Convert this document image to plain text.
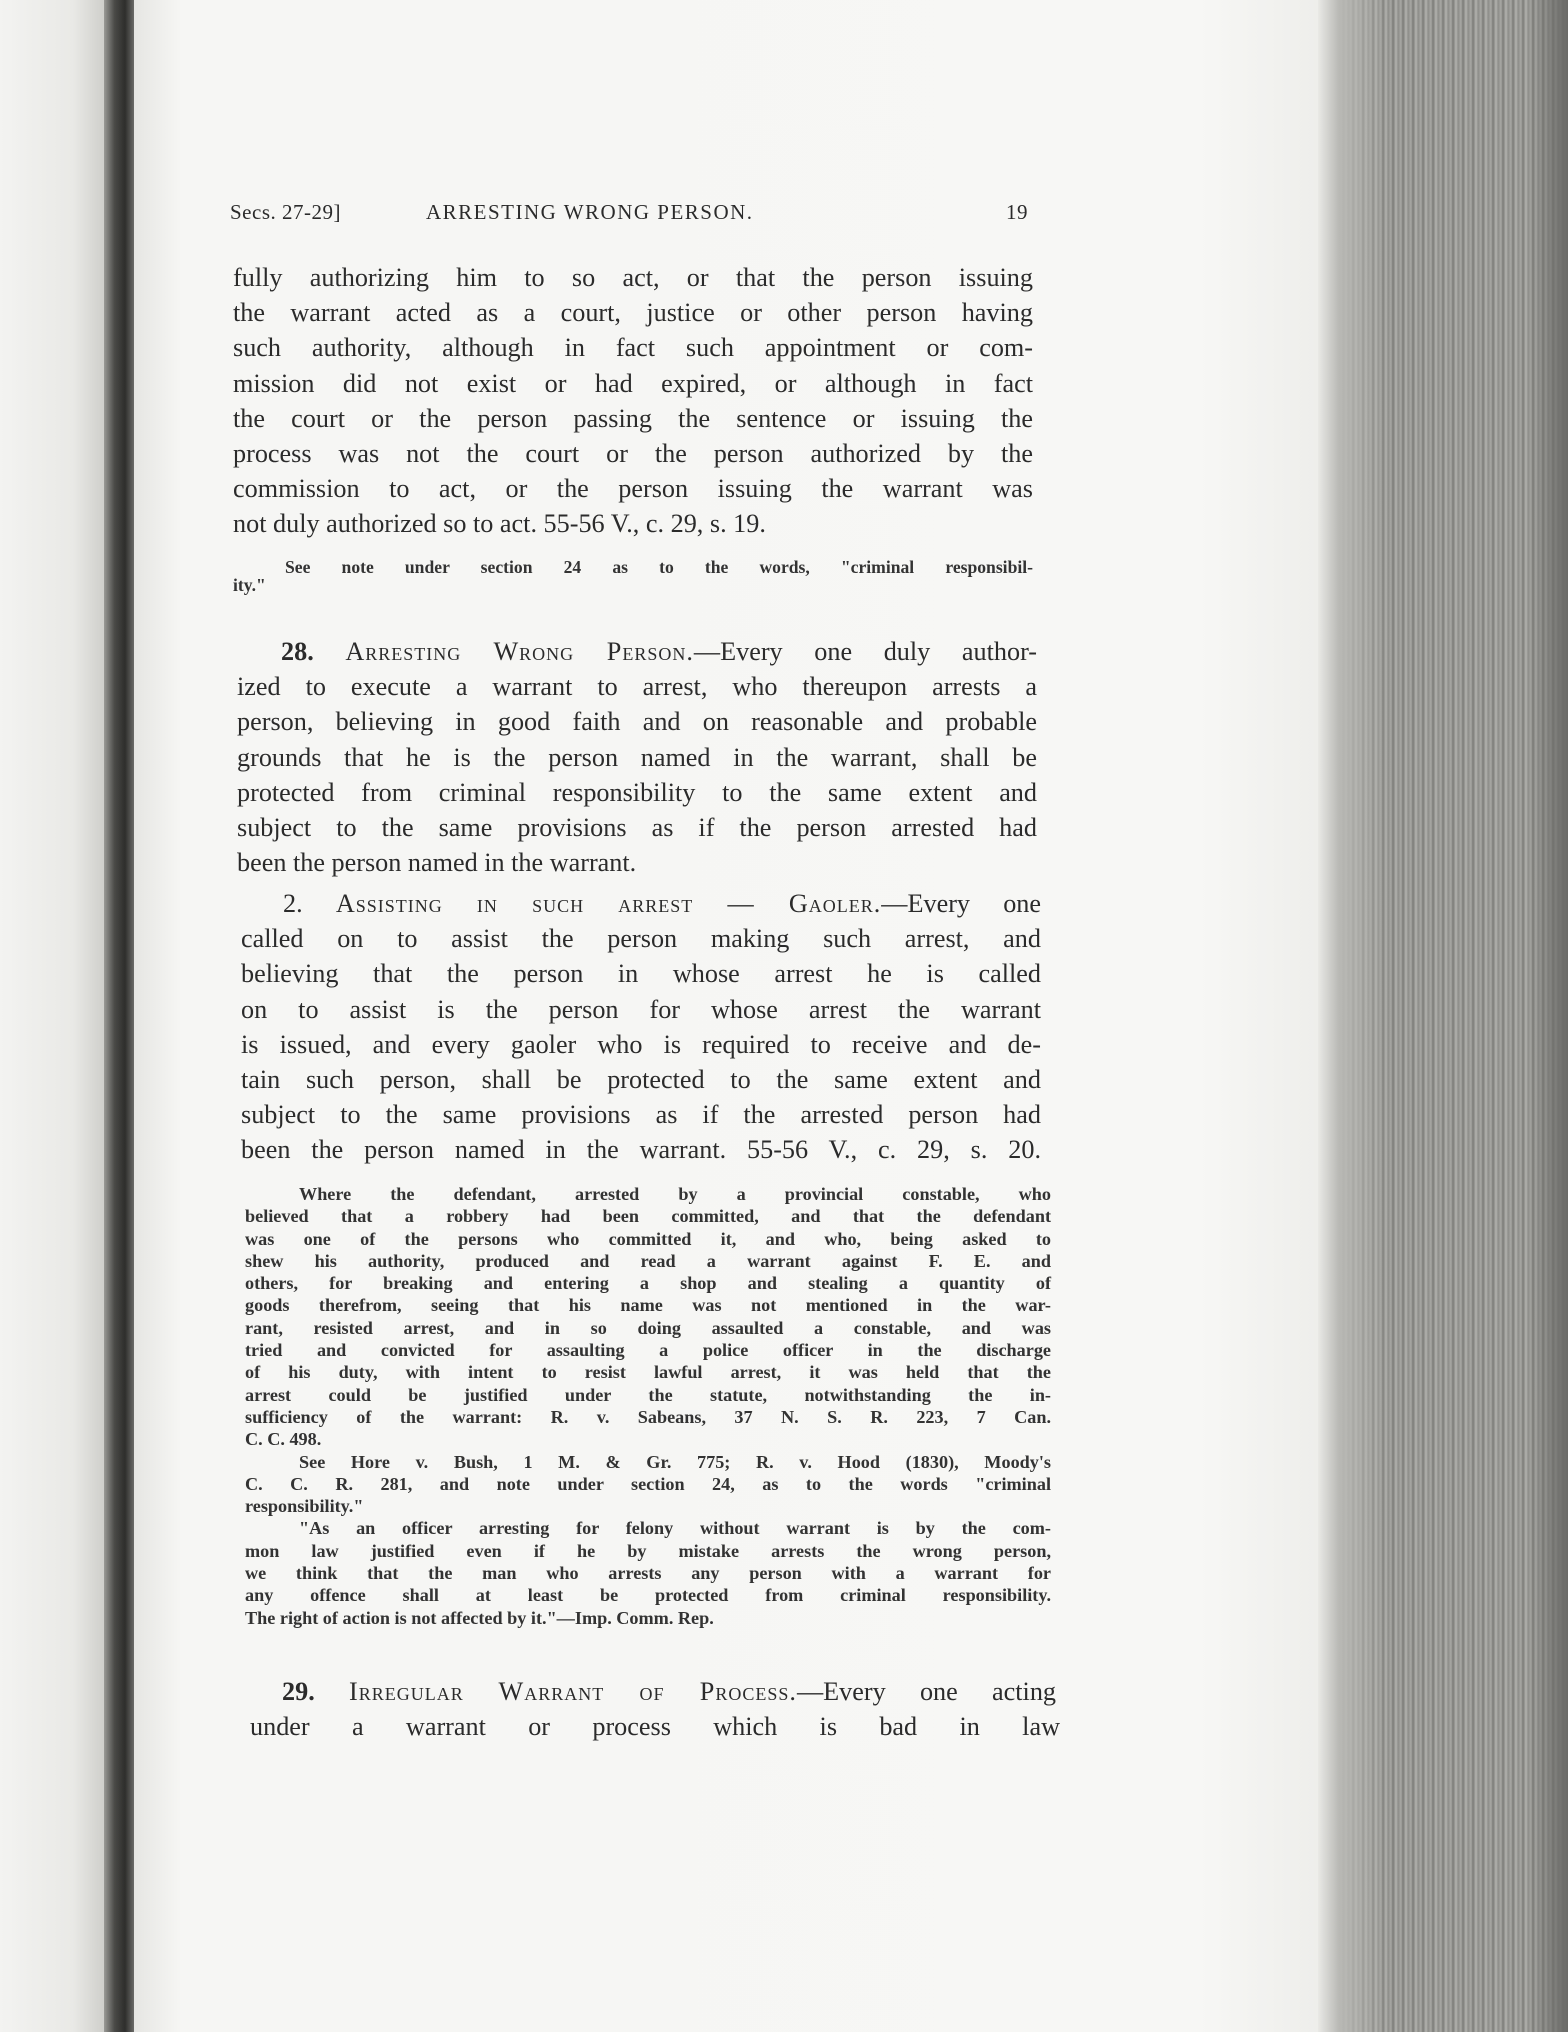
Secs. 27-29]	ARRESTING WRONG PERSON.	19

fully authorizing him to so act, or that the person issuing

the warrant acted as a court, justice or other person having

such authority, although in fact such appointment or com-

mission did not exist or had expired, or although in fact

the court or the person passing the sentence or issuing the

process was not the court or the person authorized by the

commission to act, or the person issuing the warrant was

not duly authorized so to act. 55-56 V., c. 29, s. 19.

See note under section 24 as to the words, "criminal responsibil-

ity."

28. Arresting Wrong Person.—Every one duly author-

ized to execute a warrant to arrest, who thereupon arrests a

person, believing in good faith and on reasonable and probable

grounds that he is the person named in the warrant, shall be

protected from criminal responsibility to the same extent and

subject to the same provisions as if the person arrested had

been the person named in the warrant.

2. Assisting in such arrest — Gaoler.—Every one

called on to assist the person making such arrest, and

believing that the person in whose arrest he is called

on to assist is the person for whose arrest the warrant

is issued, and every gaoler who is required to receive and de-

tain such person, shall be protected to the same extent and

subject to the same provisions as if the arrested person had

been the person named in the warrant. 55-56 V., c. 29, s. 20.

Where the defendant, arrested by a provincial constable, who

believed that a robbery had been committed, and that the defendant

was one of the persons who committed it, and who, being asked to

shew his authority, produced and read a warrant against F. E. and

others, for breaking and entering a shop and stealing a quantity of

goods therefrom, seeing that his name was not mentioned in the war-

rant, resisted arrest, and in so doing assaulted a constable, and was

tried and convicted for assaulting a police officer in the discharge

of his duty, with intent to resist lawful arrest, it was held that the

arrest could be justified under the statute, notwithstanding the in-

sufficiency of the warrant: R. v. Sabeans, 37 N. S. R. 223, 7 Can.

C. C. 498.

See Hore v. Bush, 1 M. & Gr. 775; R. v. Hood (1830), Moody's

C. C. R. 281, and note under section 24, as to the words "criminal

responsibility."

"As an officer arresting for felony without warrant is by the com-

mon law justified even if he by mistake arrests the wrong person,

we think that the man who arrests any person with a warrant for

any offence shall at least be protected from criminal responsibility.

The right of action is not affected by it."—Imp. Comm. Rep.

29. Irregular Warrant of Process.—Every one acting

under a warrant or process which is bad in law
